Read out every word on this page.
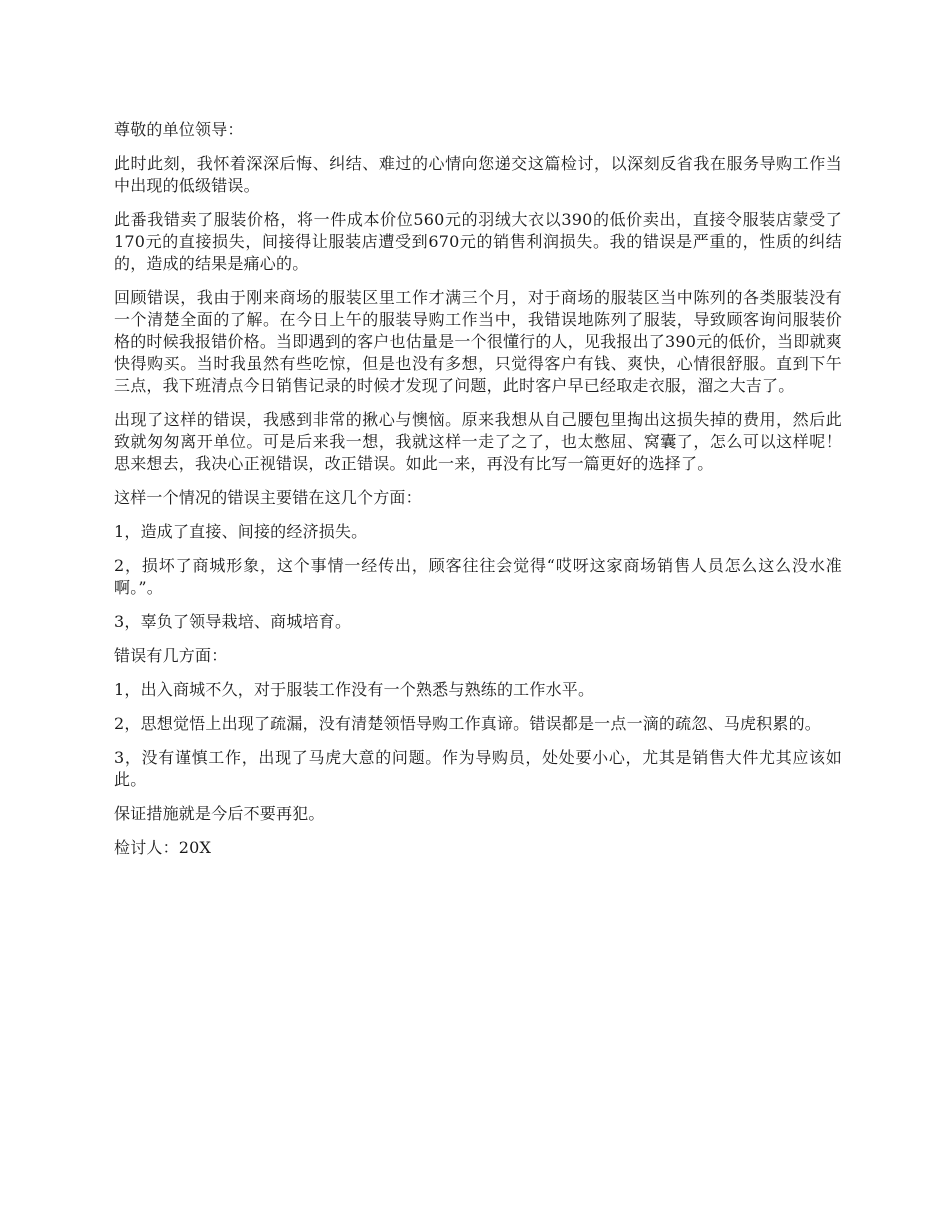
尊敬的单位领导：

此时此刻，我怀着深深后悔、纠结、难过的心情向您递交这篇检讨，以深刻反省我在服务导购工作当中出现的低级错误。

此番我错卖了服装价格，将一件成本价位560元的羽绒大衣以390的低价卖出，直接令服装店蒙受了170元的直接损失，间接得让服装店遭受到670元的销售利润损失。我的错误是严重的，性质的纠结的，造成的结果是痛心的。

回顾错误，我由于刚来商场的服装区里工作才满三个月，对于商场的服装区当中陈列的各类服装没有一个清楚全面的了解。在今日上午的服装导购工作当中，我错误地陈列了服装，导致顾客询问服装价格的时候我报错价格。当即遇到的客户也估量是一个很懂行的人，见我报出了390元的低价，当即就爽快得购买。当时我虽然有些吃惊，但是也没有多想，只觉得客户有钱、爽快，心情很舒服。直到下午三点，我下班清点今日销售记录的时候才发现了问题，此时客户早已经取走衣服，溜之大吉了。

出现了这样的错误，我感到非常的揪心与懊恼。原来我想从自己腰包里掏出这损失掉的费用，然后此致就匆匆离开单位。可是后来我一想，我就这样一走了之了，也太憋屈、窝囊了，怎么可以这样呢！思来想去，我决心正视错误，改正错误。如此一来，再没有比写一篇更好的选择了。

这样一个情况的错误主要错在这几个方面：

1，造成了直接、间接的经济损失。

2，损坏了商城形象，这个事情一经传出，顾客往往会觉得“哎呀这家商场销售人员怎么这么没水准啊。”。

3，辜负了领导栽培、商城培育。

错误有几方面：

1，出入商城不久，对于服装工作没有一个熟悉与熟练的工作水平。

2，思想觉悟上出现了疏漏，没有清楚领悟导购工作真谛。错误都是一点一滴的疏忽、马虎积累的。

3，没有谨慎工作，出现了马虎大意的问题。作为导购员，处处要小心，尤其是销售大件尤其应该如此。

保证措施就是今后不要再犯。

检讨人：20X
